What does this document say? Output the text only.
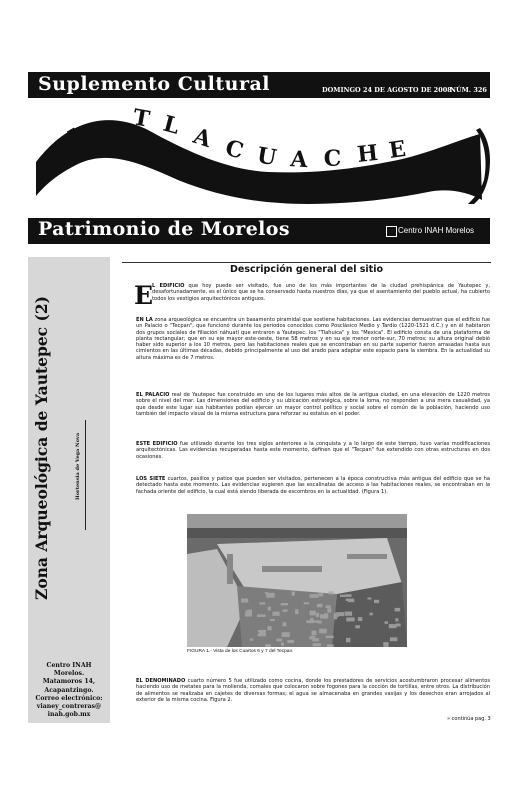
Suplemento Cultural	DOMINGO 24 DE AGOSTO DE 2008
NÚM. 326
E
L
T L A C U A C H E
Patrimonio de Morelos	Centro INAH Morelos
Zona Arqueológica de Yautepec (2)	Hortensia de Vega Nova
Centro INAH
Morelos.
Matamoros 14,
Acapantzingo.
Correo electrónico:
vianey_contreras@
inah.gob.mx
Descripción general del sitio
E
L EDIFICIO que hoy puede ser visitado, fue uno de los más importantes de la ciudad prehispánica de Yautepec y, desafortunadamente, es el único que se ha conservado hasta nuestros días, ya que el asentamiento del pueblo actual, ha cubierto todos los vestigios arquitectónicos antiguos.
EN LA zona arqueológica se encuentra un basamento piramidal que sostiene habitaciones. Las evidencias demuestran que el edificio fue un Palacio o "Tecpan", que funcionó durante los periodos conocidos como Posclásico Medio y Tardío (1220-1521 d.C.) y en él habitaron dos grupos sociales de filiación náhuatl que entraron a Yautepec: los "Tlahuica" y los "Mexica". El edificio consta de una plataforma de planta rectangular; que en su eje mayor este-oeste, tiene 58 metros y en su eje menor norte-sur, 70 metros; su altura original debió haber sido superior a los 10 metros, pero las habitaciones reales que se encontraban en su parte superior fueron arrasadas hasta sus cimientos en las últimas décadas, debido principalmente al uso del arado para adaptar este espacio para la siembra. En la actualidad su altura máxima es de 7 metros.
EL PALACIO real de Yautepec fue construido en uno de los lugares más altos de la antigua ciudad, en una elevación de 1220 metros sobre el nivel del mar. Las dimensiones del edificio y su ubicación estratégica, sobre la loma, no responden a una mera casualidad, ya que desde este lugar sus habitantes podían ejercer un mayor control político y social sobre el común de la población, haciendo uso también del impacto visual de la misma estructura para reforzar su estatus en el poder.
ESTE EDIFICIO fue utilizado durante los tres siglos anteriores a la conquista y a lo largo de este tiempo, tuvo varias modificaciones arquitectónicas. Las evidencias recuperadas hasta este momento, definen que el "Tecpan" fue extendido con otras estructuras en dos ocasiones.
LOS SIETE cuartos, pasillos y patios que pueden ser visitados, pertenecen a la época constructiva más antigua del edificio que se ha detectado hasta este momento. Las evidencias sugieren que las escalinatas de acceso a las habitaciones reales, se encontraban en la fachada oriente del edificio, la cual está siendo liberada de escombros en la actualidad. (Figura 1).
FIGURA 1.- Vista de los Cuartos 6 y 7 del Tecpan.
EL DENOMINADO cuarto número 5 fue utilizado como cocina, donde los prestadores de servicios acostumbraron procesar alimentos haciendo uso de metates para la molienda, comales que colocaron sobre fogones para la cocción de tortillas, entre otros. La distribución de alimentos se realizaba en cajetes de diversas formas; el agua se almacenaba en grandes vasijas y los desechos eran arrojados al exterior de la misma cocina. Figura 2.
» continúa pag. 3
